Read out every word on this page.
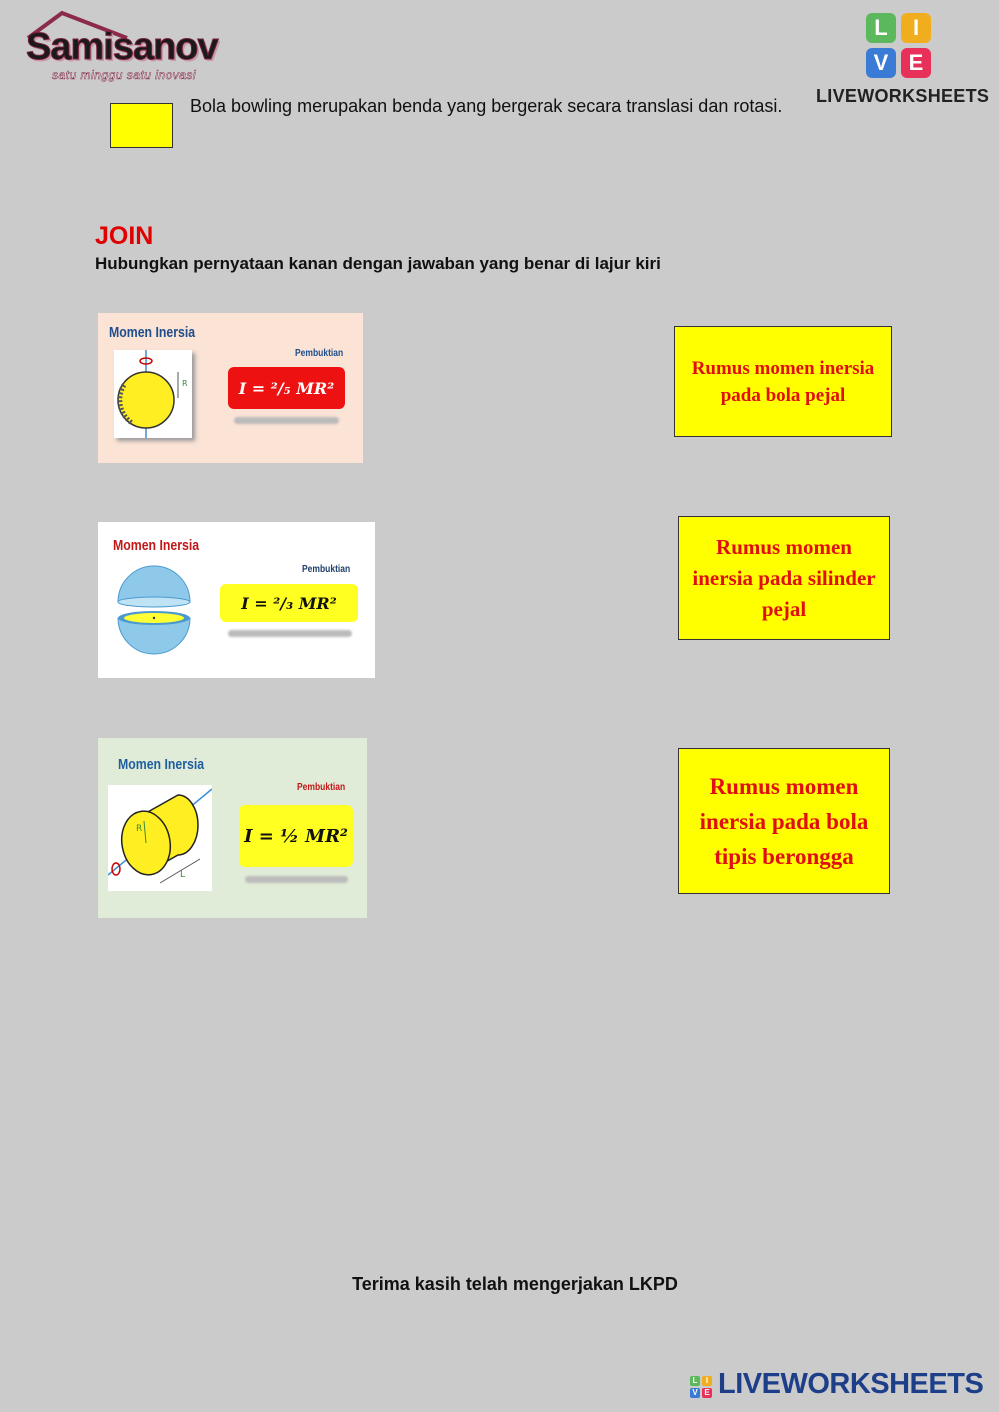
Samisanov
satu minggu satu inovasi
L	I
V E
LIVEWORKSHEETS
Bola bowling merupakan benda yang bergerak secara translasi dan rotasi.
JOIN
Hubungkan pernyataan kanan dengan jawaban yang benar di lajur kiri
Momen Inersia
Pembuktian
R	I = ²/₅ MR²
Momen Inersia
Pembuktian
I = ²/₃ MR²
Momen Inersia
Pembuktian
R
L
I = ½ MR²
Rumus momen inersia pada bola pejal
Rumus momen inersia pada silinder pejal
Rumus momen inersia pada bola tipis berongga
Terima kasih telah mengerjakan LKPD
L	I
V E LIVEWORKSHEETS
